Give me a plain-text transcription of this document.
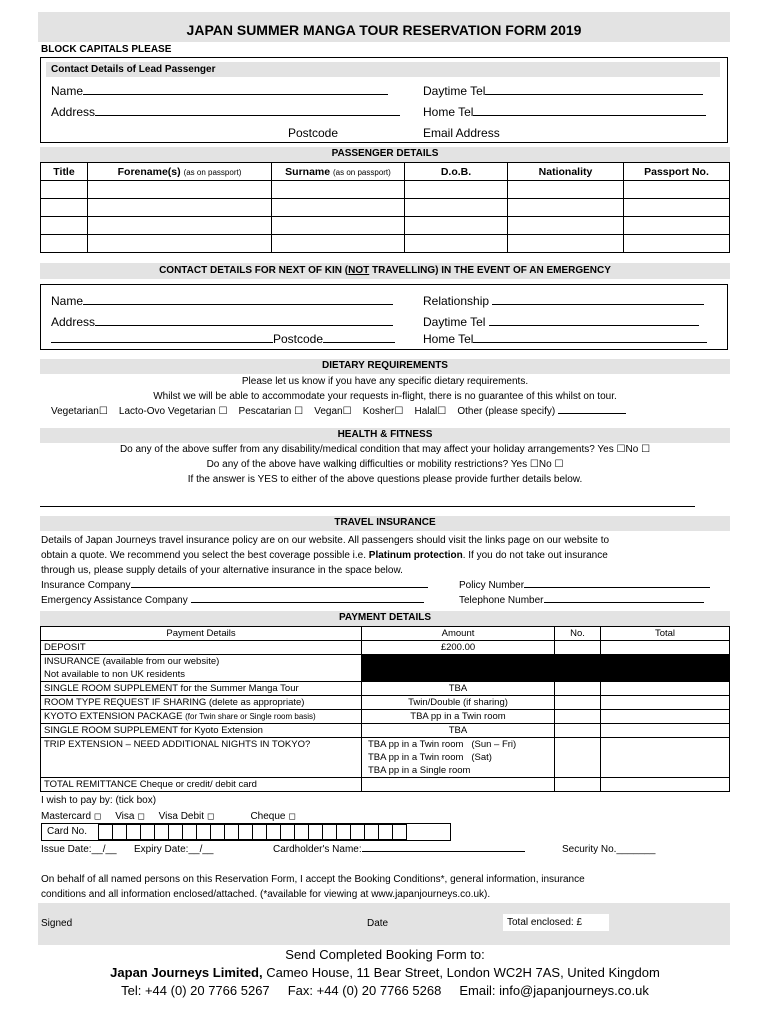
JAPAN SUMMER MANGA TOUR RESERVATION FORM 2019
BLOCK CAPITALS PLEASE
Contact Details of Lead Passenger
Name
Address
Postcode
Daytime Tel
Home Tel
Email Address
PASSENGER DETAILS
Title	Forename(s) (as on passport)	Surname (as on passport)	D.o.B.	Nationality	Passport No.

CONTACT DETAILS FOR NEXT OF KIN (NOT TRAVELLING) IN THE EVENT OF AN EMERGENCY
Name
Address
Postcode
Relationship
Daytime Tel
Home Tel
DIETARY REQUIREMENTS
Please let us know if you have any specific dietary requirements.
Whilst we will be able to accommodate your requests in-flight, there is no guarantee of this whilst on tour.
Vegetarian☐ Lacto-Ovo Vegetarian ☐ Pescatarian ☐ Vegan☐ Kosher☐ Halal☐ Other (please specify)
HEALTH & FITNESS
Do any of the above suffer from any disability/medical condition that may affect your holiday arrangements? Yes ☐No ☐
Do any of the above have walking difficulties or mobility restrictions? Yes ☐No ☐
If the answer is YES to either of the above questions please provide further details below.
TRAVEL INSURANCE
Details of Japan Journeys travel insurance policy are on our website. All passengers should visit the links page on our website to
obtain a quote. We recommend you select the best coverage possible i.e. Platinum protection. If you do not take out insurance
through us, please supply details of your alternative insurance in the space below.
Insurance Company	Policy Number
Emergency Assistance Company	Telephone Number
PAYMENT DETAILS
Payment Details	Amount	No.	Total
DEPOSIT	£200.00		

INSURANCE (available from our website)
Not available to non UK residents			

SINGLE ROOM SUPPLEMENT for the Summer Manga Tour	TBA		
ROOM TYPE REQUEST IF SHARING (delete as appropriate)	Twin/Double (if sharing)		
KYOTO EXTENSION PACKAGE (for Twin share or Single room basis)	TBA pp in a Twin room		
SINGLE ROOM SUPPLEMENT for Kyoto Extension	TBA		
TRIP EXTENSION – NEED ADDITIONAL NIGHTS IN TOKYO?	TBA pp in a Twin room   (Sun – Fri)
TBA pp in a Twin room   (Sat)
TBA pp in a Single room		

TOTAL REMITTANCE Cheque or credit/ debit card			
I wish to pay by: (tick box)
Mastercard ◻ Visa ◻ Visa Debit ◻	Cheque ◻
Card No.
Issue Date:__/__ Expiry Date:__/__	Cardholder's Name:	Security No._______
On behalf of all named persons on this Reservation Form, I accept the Booking Conditions*, general information, insurance
conditions and all information enclosed/attached. (*available for viewing at www.japanjourneys.co.uk).
Signed	Date	Total enclosed: £
Send Completed Booking Form to:
Japan Journeys Limited, Cameo House, 11 Bear Street, London WC2H 7AS, United Kingdom
Tel: +44 (0) 20 7766 5267     Fax: +44 (0) 20 7766 5268     Email: info@japanjourneys.co.uk
